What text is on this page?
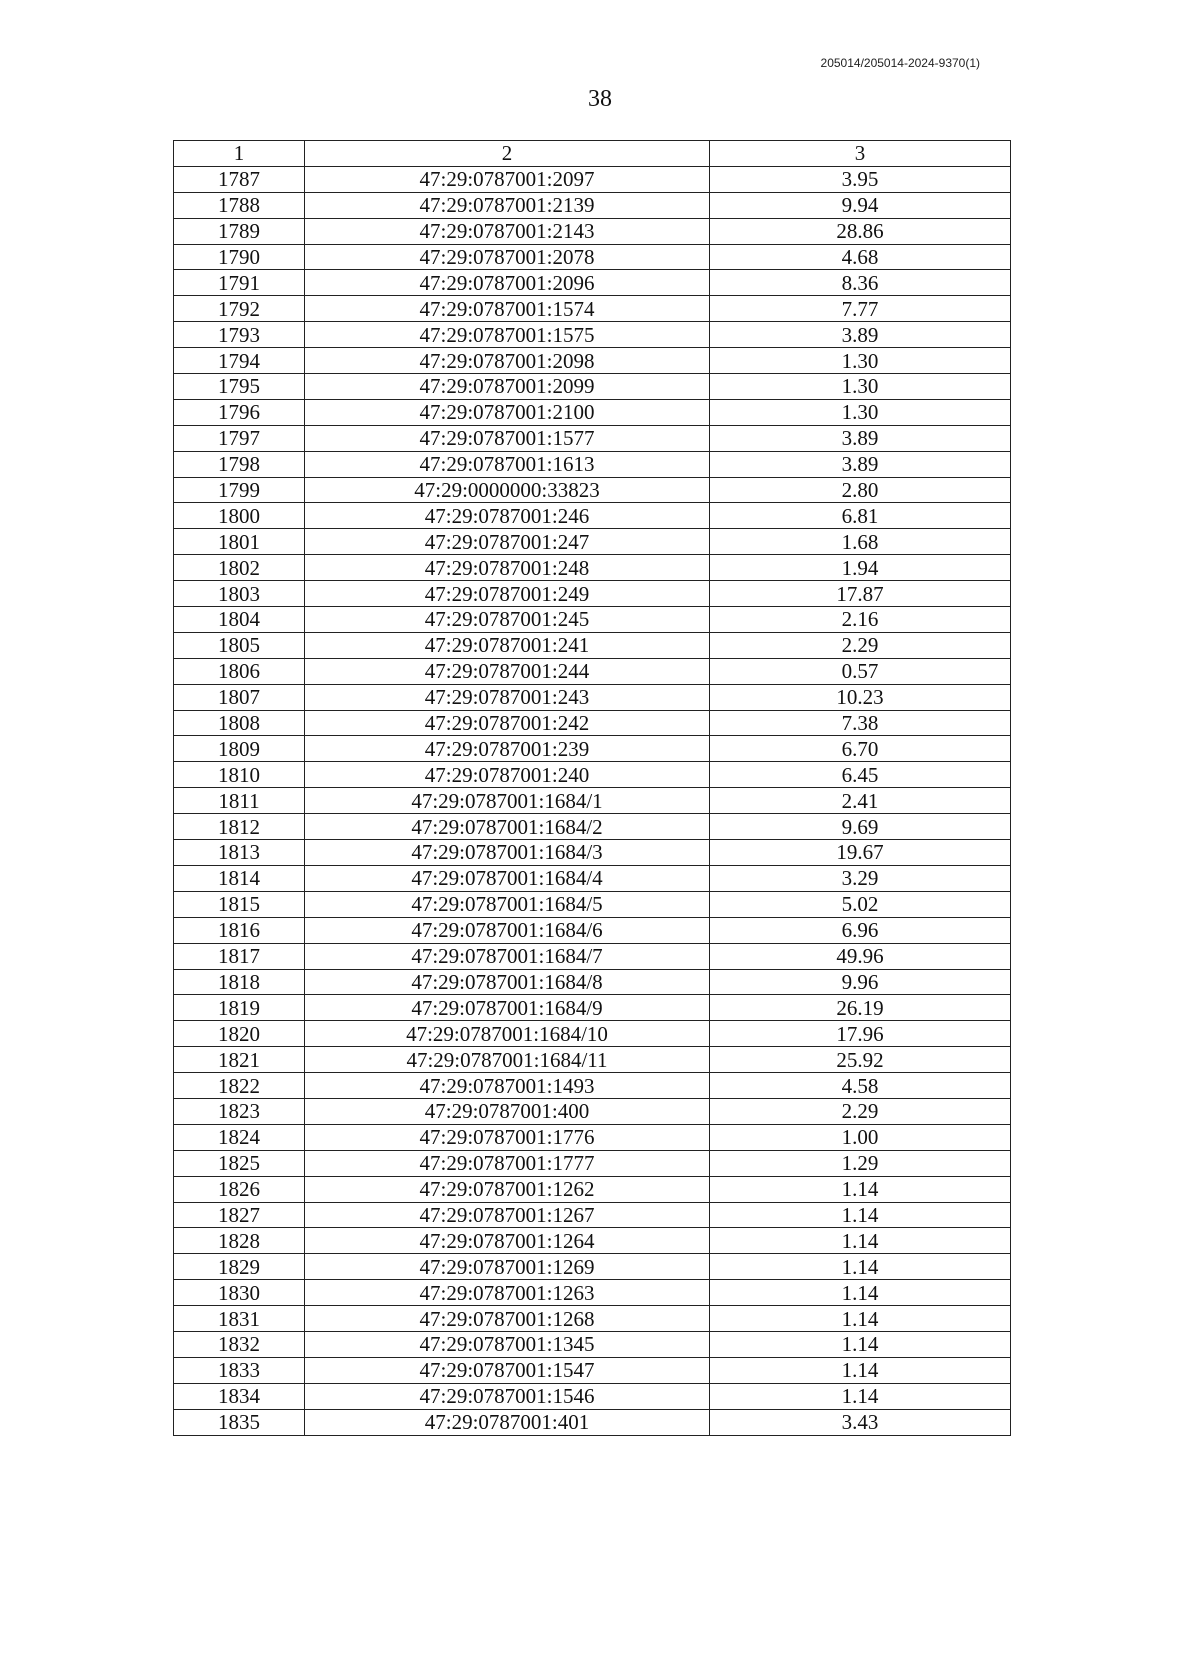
205014/205014-2024-9370(1)
38
1	2	3
1787	47:29:0787001:2097	3.95
1788	47:29:0787001:2139	9.94
1789	47:29:0787001:2143	28.86
1790	47:29:0787001:2078	4.68
1791	47:29:0787001:2096	8.36
1792	47:29:0787001:1574	7.77
1793	47:29:0787001:1575	3.89
1794	47:29:0787001:2098	1.30
1795	47:29:0787001:2099	1.30
1796	47:29:0787001:2100	1.30
1797	47:29:0787001:1577	3.89
1798	47:29:0787001:1613	3.89
1799	47:29:0000000:33823	2.80
1800	47:29:0787001:246	6.81
1801	47:29:0787001:247	1.68
1802	47:29:0787001:248	1.94
1803	47:29:0787001:249	17.87
1804	47:29:0787001:245	2.16
1805	47:29:0787001:241	2.29
1806	47:29:0787001:244	0.57
1807	47:29:0787001:243	10.23
1808	47:29:0787001:242	7.38
1809	47:29:0787001:239	6.70
1810	47:29:0787001:240	6.45
1811	47:29:0787001:1684/1	2.41
1812	47:29:0787001:1684/2	9.69
1813	47:29:0787001:1684/3	19.67
1814	47:29:0787001:1684/4	3.29
1815	47:29:0787001:1684/5	5.02
1816	47:29:0787001:1684/6	6.96
1817	47:29:0787001:1684/7	49.96
1818	47:29:0787001:1684/8	9.96
1819	47:29:0787001:1684/9	26.19
1820	47:29:0787001:1684/10	17.96
1821	47:29:0787001:1684/11	25.92
1822	47:29:0787001:1493	4.58
1823	47:29:0787001:400	2.29
1824	47:29:0787001:1776	1.00
1825	47:29:0787001:1777	1.29
1826	47:29:0787001:1262	1.14
1827	47:29:0787001:1267	1.14
1828	47:29:0787001:1264	1.14
1829	47:29:0787001:1269	1.14
1830	47:29:0787001:1263	1.14
1831	47:29:0787001:1268	1.14
1832	47:29:0787001:1345	1.14
1833	47:29:0787001:1547	1.14
1834	47:29:0787001:1546	1.14
1835	47:29:0787001:401	3.43
